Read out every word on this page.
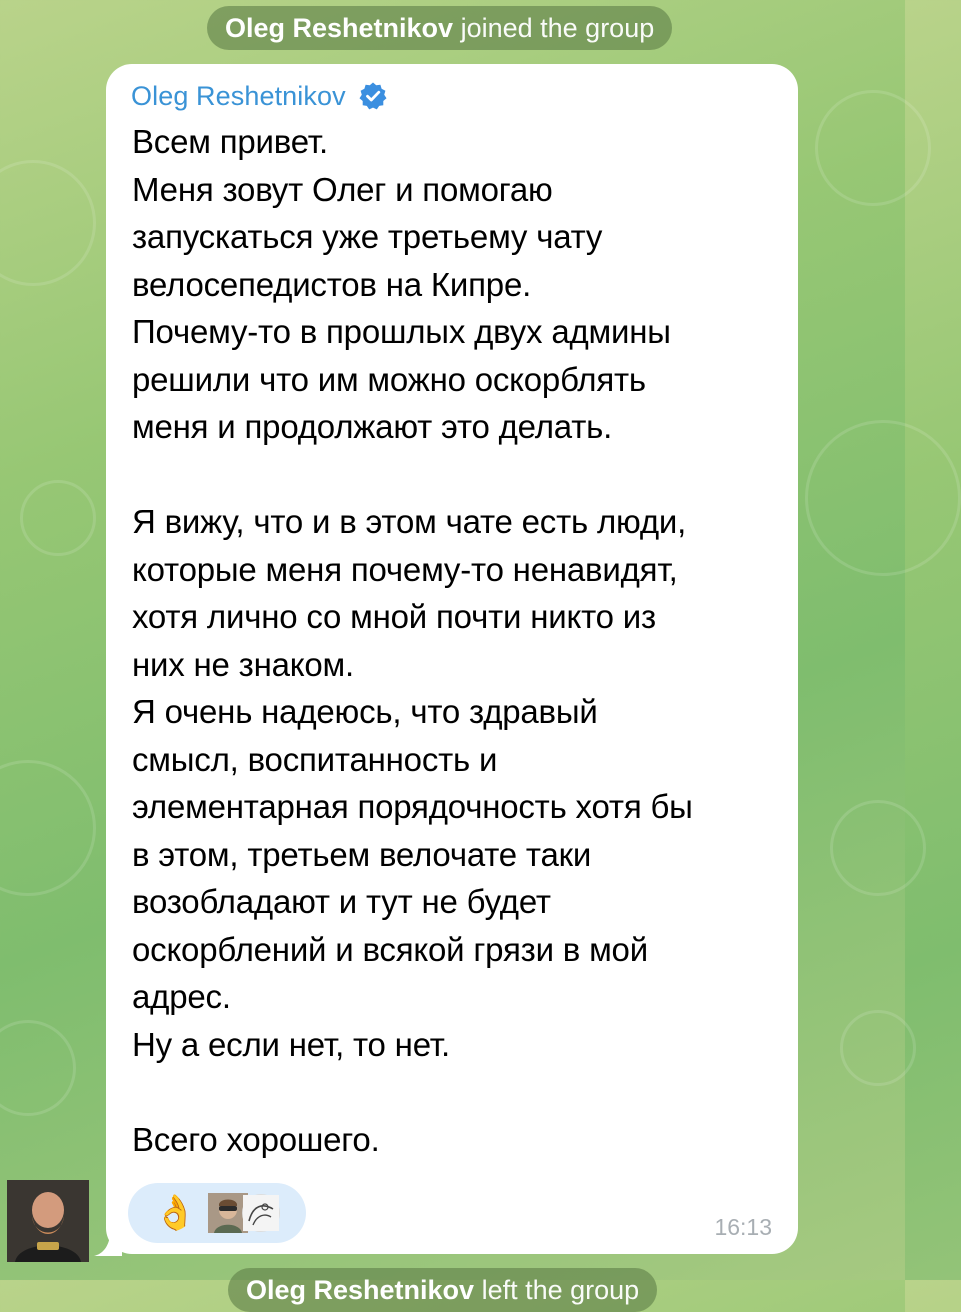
Oleg Reshetnikov joined the group
Oleg Reshetnikov
Всем привет.
Меня зовут Олег и помогаю
запускаться уже третьему чату
велосепедистов на Кипре.
Почему-то в прошлых двух админы
решили что им можно оскорблять
меня и продолжают это делать.

Я вижу, что и в этом чате есть люди,
которые меня почему-то ненавидят,
хотя лично со мной почти никто из
них не знаком.
Я очень надеюсь, что здравый
смысл, воспитанность и
элементарная порядочность хотя бы
в этом, третьем велочате таки
возобладают и тут не будет
оскорблений и всякой грязи в мой
адрес.
Ну а если нет, то нет.

Всего хорошего.
👌	16:13
Oleg Reshetnikov left the group
